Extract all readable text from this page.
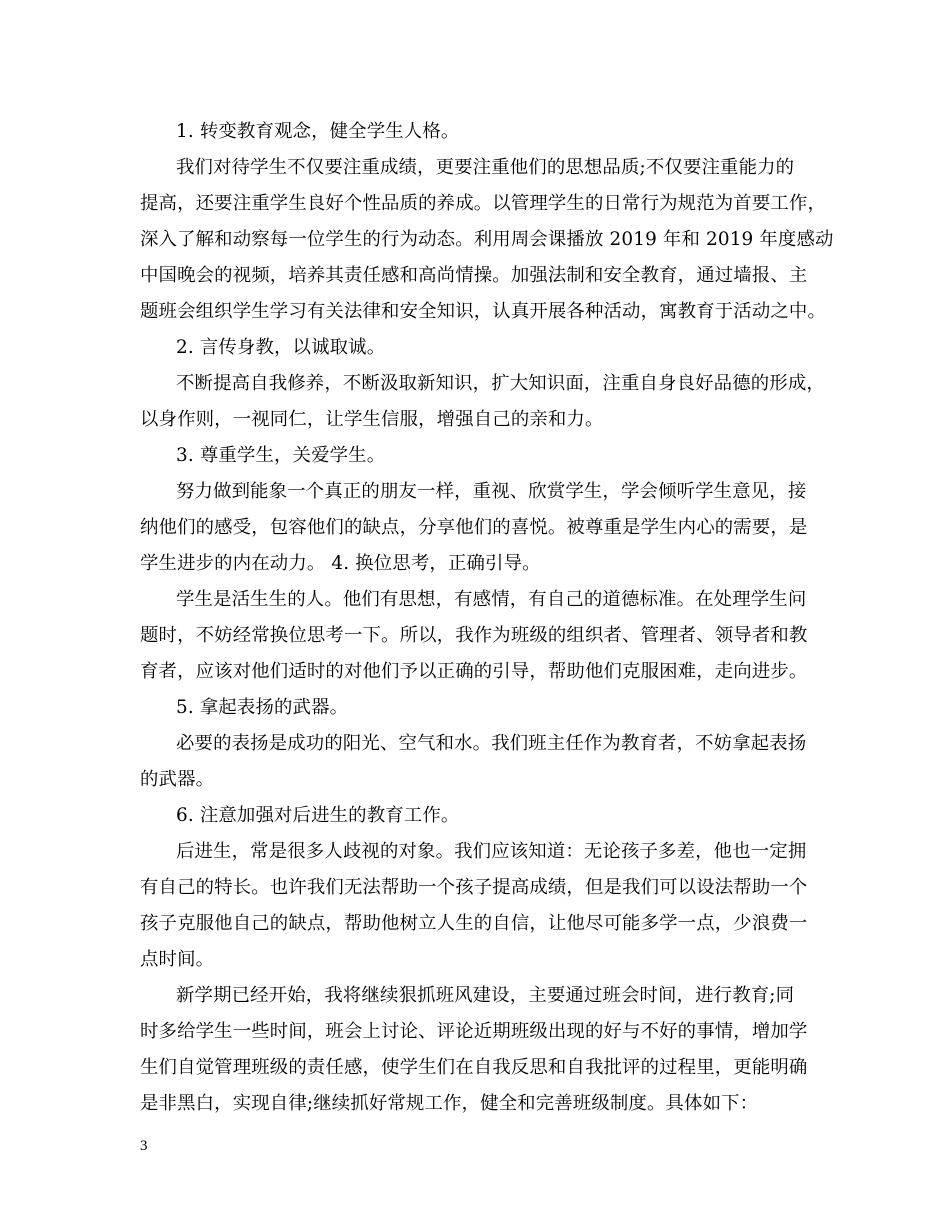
1. 转变教育观念，健全学生人格。

我们对待学生不仅要注重成绩，更要注重他们的思想品质;不仅要注重能力的
提高，还要注重学生良好个性品质的养成。以管理学生的日常行为规范为首要工作，
深入了解和动察每一位学生的行为动态。利用周会课播放 2019 年和 2019 年度感动
中国晚会的视频，培养其责任感和高尚情操。加强法制和安全教育，通过墙报、主
题班会组织学生学习有关法律和安全知识，认真开展各种活动，寓教育于活动之中。

2. 言传身教，以诚取诚。

不断提高自我修养，不断汲取新知识，扩大知识面，注重自身良好品德的形成，
以身作则，一视同仁，让学生信服，增强自己的亲和力。

3. 尊重学生，关爱学生。

努力做到能象一个真正的朋友一样，重视、欣赏学生，学会倾听学生意见，接
纳他们的感受，包容他们的缺点，分享他们的喜悦。被尊重是学生内心的需要，是
学生进步的内在动力。 4. 换位思考，正确引导。

学生是活生生的人。他们有思想，有感情，有自己的道德标准。在处理学生问
题时，不妨经常换位思考一下。所以，我作为班级的组织者、管理者、领导者和教
育者，应该对他们适时的对他们予以正确的引导，帮助他们克服困难，走向进步。

5. 拿起表扬的武器。

必要的表扬是成功的阳光、空气和水。我们班主任作为教育者，不妨拿起表扬
的武器。

6. 注意加强对后进生的教育工作。

后进生，常是很多人歧视的对象。我们应该知道：无论孩子多差，他也一定拥
有自己的特长。也许我们无法帮助一个孩子提高成绩，但是我们可以设法帮助一个
孩子克服他自己的缺点，帮助他树立人生的自信，让他尽可能多学一点，少浪费一
点时间。

新学期已经开始，我将继续狠抓班风建设，主要通过班会时间，进行教育;同
时多给学生一些时间，班会上讨论、评论近期班级出现的好与不好的事情，增加学
生们自觉管理班级的责任感，使学生们在自我反思和自我批评的过程里，更能明确
是非黑白，实现自律;继续抓好常规工作，健全和完善班级制度。具体如下：

3
